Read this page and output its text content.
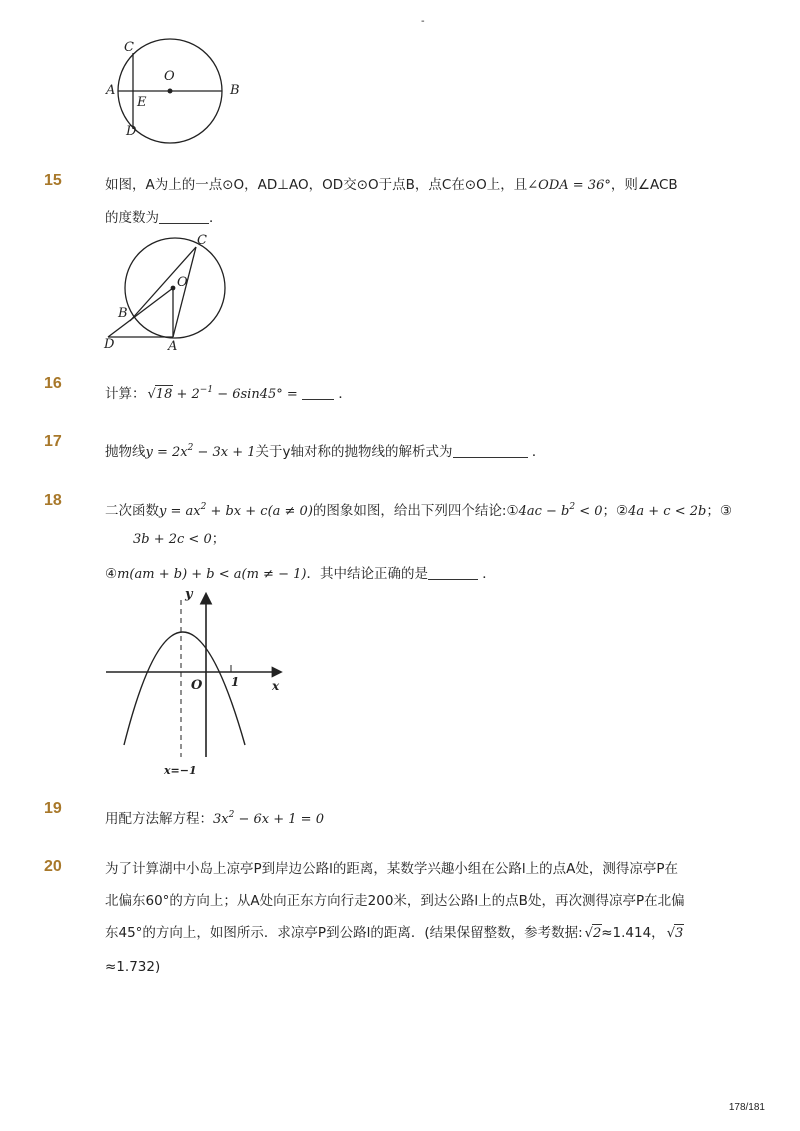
-
C
A
E
D
O
B
15	如图，A为上的一点⊙O，AD⊥AO，OD交⊙O于点B，点C在⊙O上，且∠ODA = 36°，则∠ACB
的度数为	．
C
O
B
D	A
16
计算： √
$18 + 2^{-1} - 6\sin 45^\circ$ =	．
17
抛物线$y = 2x^2 - 3x + 1$关于y轴对称的抛物线的解析式为	．
18
二次函数$y = ax^2$ + bx + c(a ≠ 0)的图象如图，给出下列四个结论:①4ac − $b^2 < 0$；②4a + c < 2b；③
3b + 2c < 0；
④m(am + b) + b < a(m ≠ − 1)．其中结论正确的是	．
y
x
O 1
x=−1
19
用配方法解方程：$3x^2 - 6x + 1 = 0$
20	为了计算湖中小岛上凉亭P到岸边公路l的距离，某数学兴趣小组在公路l上的点A处，测得凉亭P在
北偏东60°的方向上；从A处向正东方向行走200米，到达公路l上的点B处，再次测得凉亭P在北偏
东45°的方向上，如图所示．求凉亭P到公路l的距离．(结果保留整数，参考数据: √
2≈1.414， √
3
≈1.732)
178/181
